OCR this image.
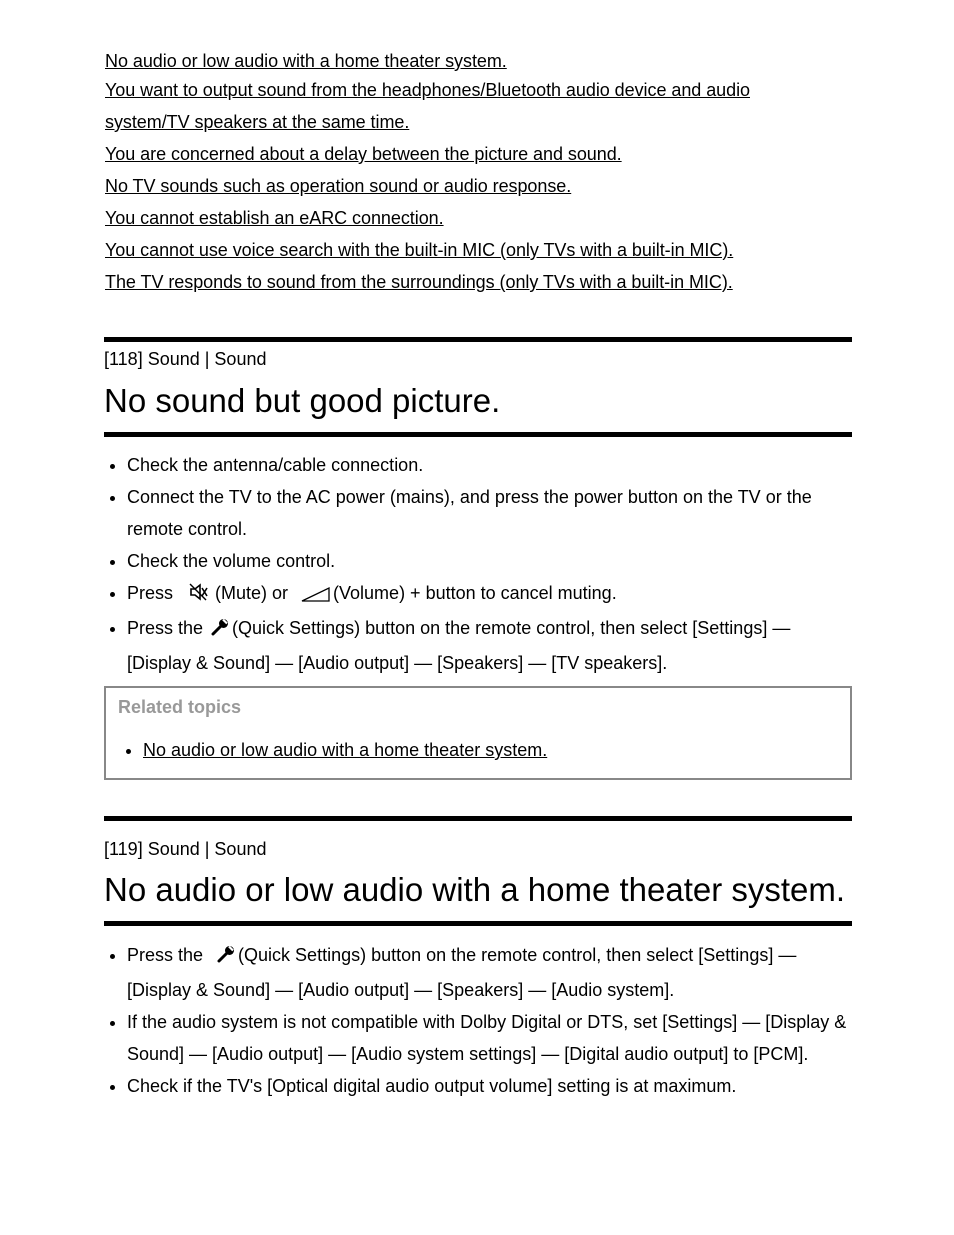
No audio or low audio with a home theater system.
You want to output sound from the headphones/Bluetooth audio device and audio
system/TV speakers at the same time.
You are concerned about a delay between the picture and sound.
No TV sounds such as operation sound or audio response.
You cannot establish an eARC connection.
You cannot use voice search with the built-in MIC (only TVs with a built-in MIC).
The TV responds to sound from the surroundings (only TVs with a built-in MIC).
[118] Sound | Sound
No sound but good picture.
• Check the antenna/cable connection.
• Connect the TV to the AC power (mains), and press the power button on the TV or the remote control.
• Check the volume control.
• Press  (Mute) or (Volume) + button to cancel muting.
• Press the (Quick Settings) button on the remote control, then select [Settings] — [Display & Sound] — [Audio output] — [Speakers] — [TV speakers].
Related topics
• No audio or low audio with a home theater system.
[119] Sound | Sound
No audio or low audio with a home theater system.
• Press the (Quick Settings) button on the remote control, then select [Settings] — [Display & Sound] — [Audio output] — [Speakers] — [Audio system].
• If the audio system is not compatible with Dolby Digital or DTS, set [Settings] — [Display & Sound] — [Audio output] — [Audio system settings] — [Digital audio output] to [PCM].
• Check if the TV's [Optical digital audio output volume] setting is at maximum.
